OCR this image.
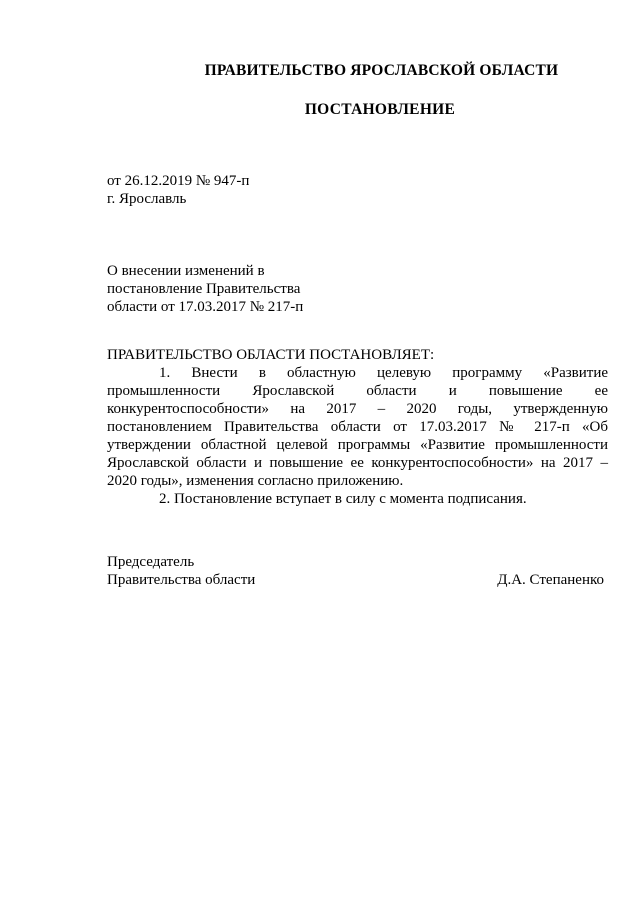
ПРАВИТЕЛЬСТВО ЯРОСЛАВСКОЙ ОБЛАСТИ
ПОСТАНОВЛЕНИЕ
от 26.12.2019 № 947-п
г. Ярославль
О внесении изменений в
постановление Правительства
области от 17.03.2017 № 217-п

ПРАВИТЕЛЬСТВО ОБЛАСТИ ПОСТАНОВЛЯЕТ:

1. Внести в областную целевую программу «Развитие промышленности Ярославской области и повышение ее конкурентоспособности» на 2017 – 2020 годы, утвержденную постановлением Правительства области от 17.03.2017 № 217-п «Об утверждении областной целевой программы «Развитие промышленности Ярославской области и повышение ее конкурентоспособности» на 2017 – 2020 годы», изменения согласно приложению.

2. Постановление вступает в силу с момента подписания.

Председатель
Правительства области	Д.А. Степаненко
